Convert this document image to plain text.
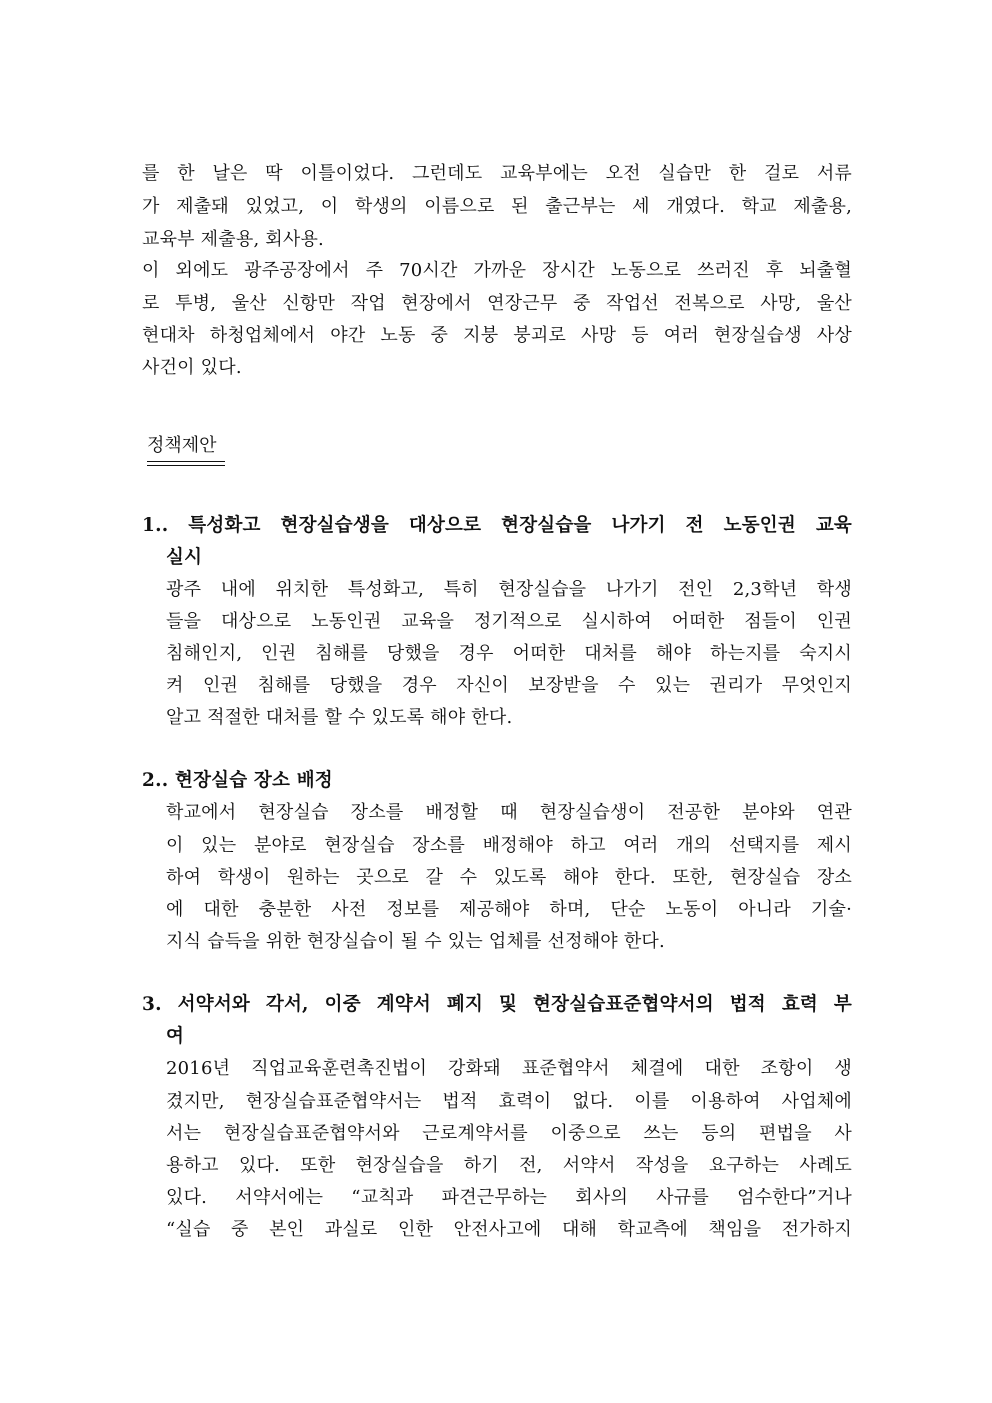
를 한 날은 딱 이틀이었다. 그런데도 교육부에는 오전 실습만 한 걸로 서류
가 제출돼 있었고, 이 학생의 이름으로 된 출근부는 세 개였다. 학교 제출용,
교육부 제출용, 회사용.
이 외에도 광주공장에서 주 70시간 가까운 장시간 노동으로 쓰러진 후 뇌출혈
로 투병, 울산 신항만 작업 현장에서 연장근무 중 작업선 전복으로 사망, 울산
현대차 하청업체에서 야간 노동 중 지붕 붕괴로 사망 등 여러 현장실습생 사상
사건이 있다.
정책제안
1.. 특성화고 현장실습생을 대상으로 현장실습을 나가기 전 노동인권 교육
실시
광주 내에 위치한 특성화고, 특히 현장실습을 나가기 전인 2,3학년 학생
들을 대상으로 노동인권 교육을 정기적으로 실시하여 어떠한 점들이 인권
침해인지, 인권 침해를 당했을 경우 어떠한 대처를 해야 하는지를 숙지시
켜 인권 침해를 당했을 경우 자신이 보장받을 수 있는 권리가 무엇인지
알고 적절한 대처를 할 수 있도록 해야 한다.
2.. 현장실습 장소 배정
학교에서 현장실습 장소를 배정할 때 현장실습생이 전공한 분야와 연관
이 있는 분야로 현장실습 장소를 배정해야 하고 여러 개의 선택지를 제시
하여 학생이 원하는 곳으로 갈 수 있도록 해야 한다. 또한, 현장실습 장소
에 대한 충분한 사전 정보를 제공해야 하며, 단순 노동이 아니라 기술·
지식 습득을 위한 현장실습이 될 수 있는 업체를 선정해야 한다.
3. 서약서와 각서, 이중 계약서 폐지 및 현장실습표준협약서의 법적 효력 부
여
2016년 직업교육훈련촉진법이 강화돼 표준협약서 체결에 대한 조항이 생
겼지만, 현장실습표준협약서는 법적 효력이 없다. 이를 이용하여 사업체에
서는 현장실습표준협약서와 근로계약서를 이중으로 쓰는 등의 편법을 사
용하고 있다. 또한 현장실습을 하기 전, 서약서 작성을 요구하는 사례도
있다. 서약서에는 “교칙과 파견근무하는 회사의 사규를 엄수한다”거나
“실습 중 본인 과실로 인한 안전사고에 대해 학교측에 책임을 전가하지
